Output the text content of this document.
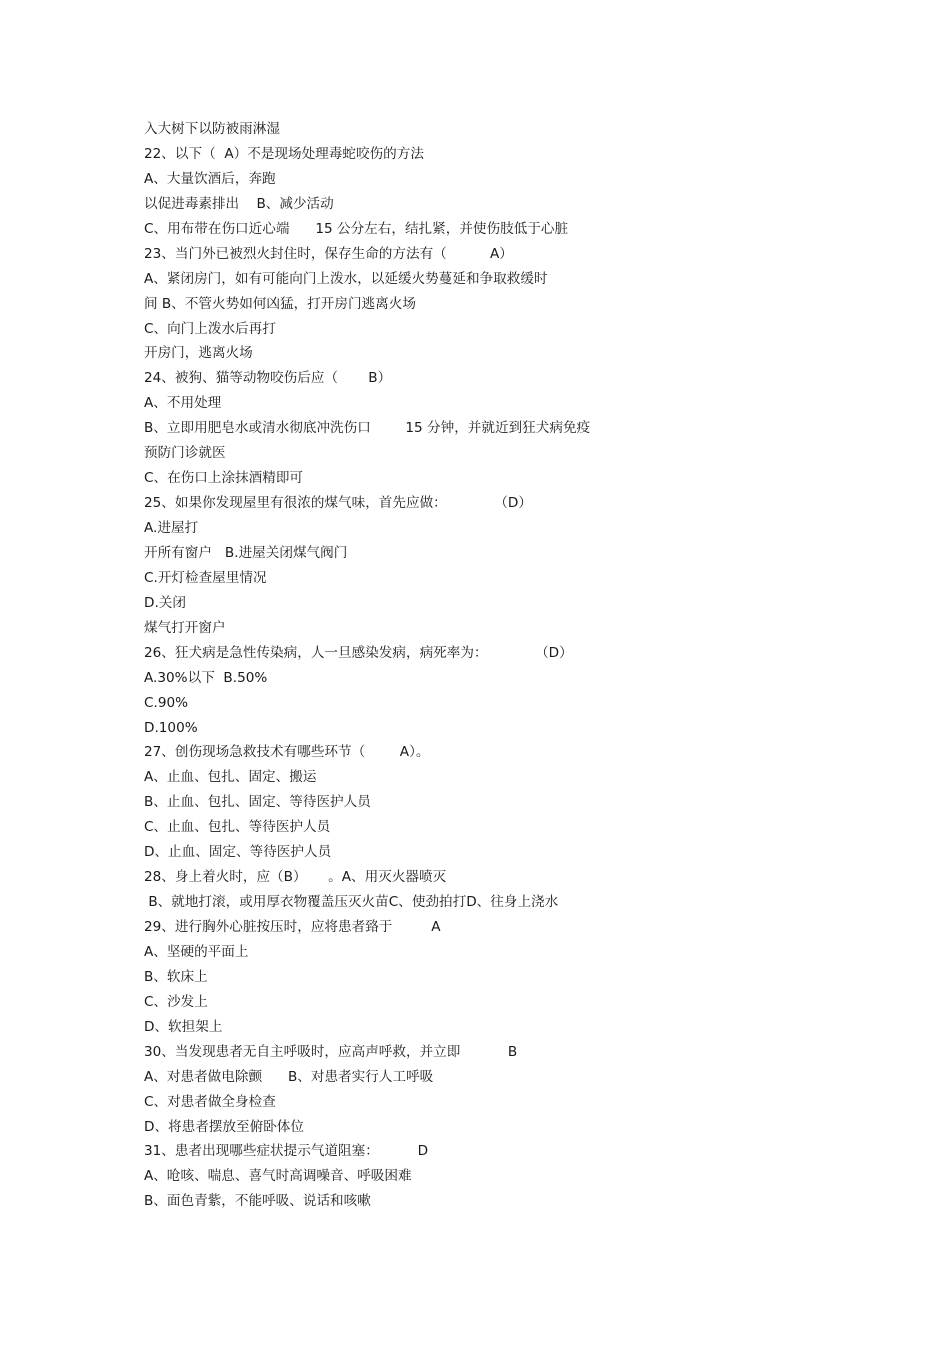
入大树下以防被雨淋湿
22、以下（  A）不是现场处理毒蛇咬伤的方法
A、大量饮酒后，奔跑
以促进毒素排出    B、减少活动
C、用布带在伤口近心端      15 公分左右，结扎紧，并使伤肢低于心脏
23、当门外已被烈火封住时，保存生命的方法有（          A）
A、紧闭房门，如有可能向门上泼水，以延缓火势蔓延和争取救缓时
间 B、不管火势如何凶猛，打开房门逃离火场
C、向门上泼水后再打
开房门，逃离火场
24、被狗、猫等动物咬伤后应（       B）
A、不用处理
B、立即用肥皂水或清水彻底冲洗伤口        15 分钟，并就近到狂犬病免疫
预防门诊就医
C、在伤口上涂抹酒精即可
25、如果你发现屋里有很浓的煤气味，首先应做：           （D）
A.进屋打
开所有窗户   B.进屋关闭煤气阀门
C.开灯检查屋里情况
D.关闭
煤气打开窗户
26、狂犬病是急性传染病，人一旦感染发病，病死率为：           （D）
A.30%以下  B.50%
C.90%
D.100%
27、创伤现场急救技术有哪些环节（        A）。
A、止血、包扎、固定、搬运
B、止血、包扎、固定、等待医护人员
C、止血、包扎、等待医护人员
D、止血、固定、等待医护人员
28、身上着火时，应（B）     。A、用灭火器喷灭
B、就地打滚，或用厚衣物覆盖压灭火苗C、使劲拍打D、往身上浇水
29、进行胸外心脏按压时，应将患者臵于         A
A、坚硬的平面上
B、软床上
C、沙发上
D、软担架上
30、当发现患者无自主呼吸时，应高声呼救，并立即           B
A、对患者做电除颤      B、对患者实行人工呼吸
C、对患者做全身检查
D、将患者摆放至俯卧体位
31、患者出现哪些症状提示气道阻塞：         D
A、呛咳、喘息、喜气时高调噪音、呼吸困难
B、面色青紫，不能呼吸、说话和咳嗽
